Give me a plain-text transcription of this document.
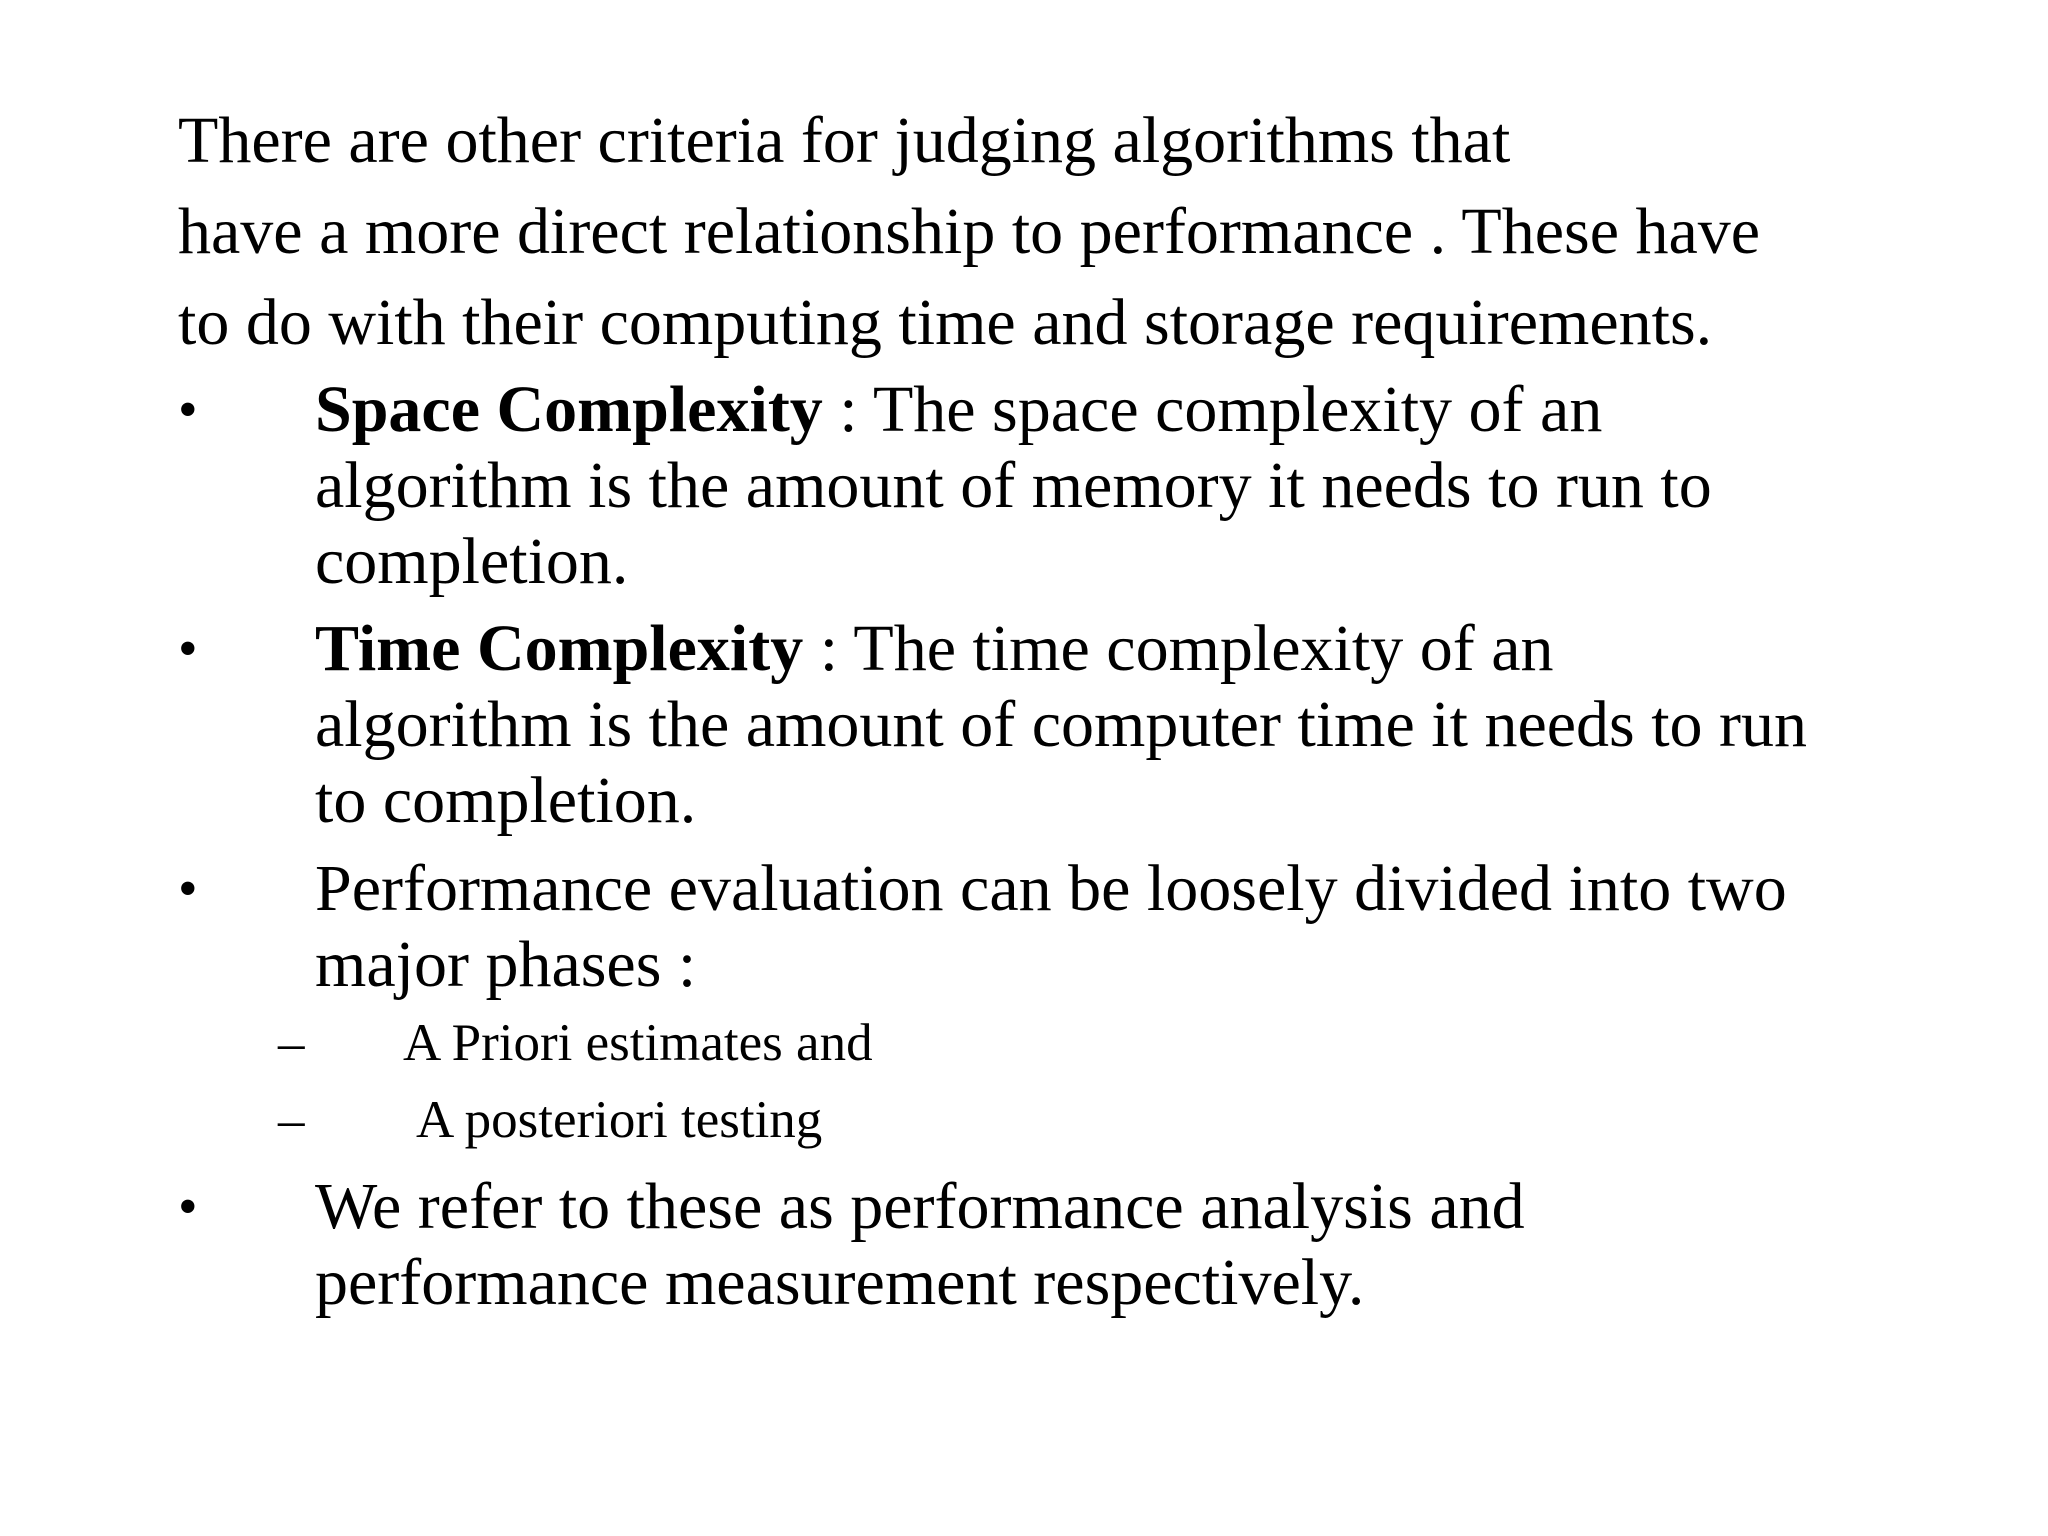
There are other criteria for judging algorithms that
have a more direct relationship to performance . These have
to do with their computing time and storage requirements.

•	Space Complexity : The space complexity of an
algorithm is the amount of memory it needs to run to
completion.
•	Time Complexity : The time complexity of an
algorithm is the amount of computer time it needs to run
to completion.
•	Performance evaluation can be loosely divided into two
major phases :
– A Priori estimates and
– A posteriori testing
•	We refer to these as performance analysis and
performance measurement respectively.
